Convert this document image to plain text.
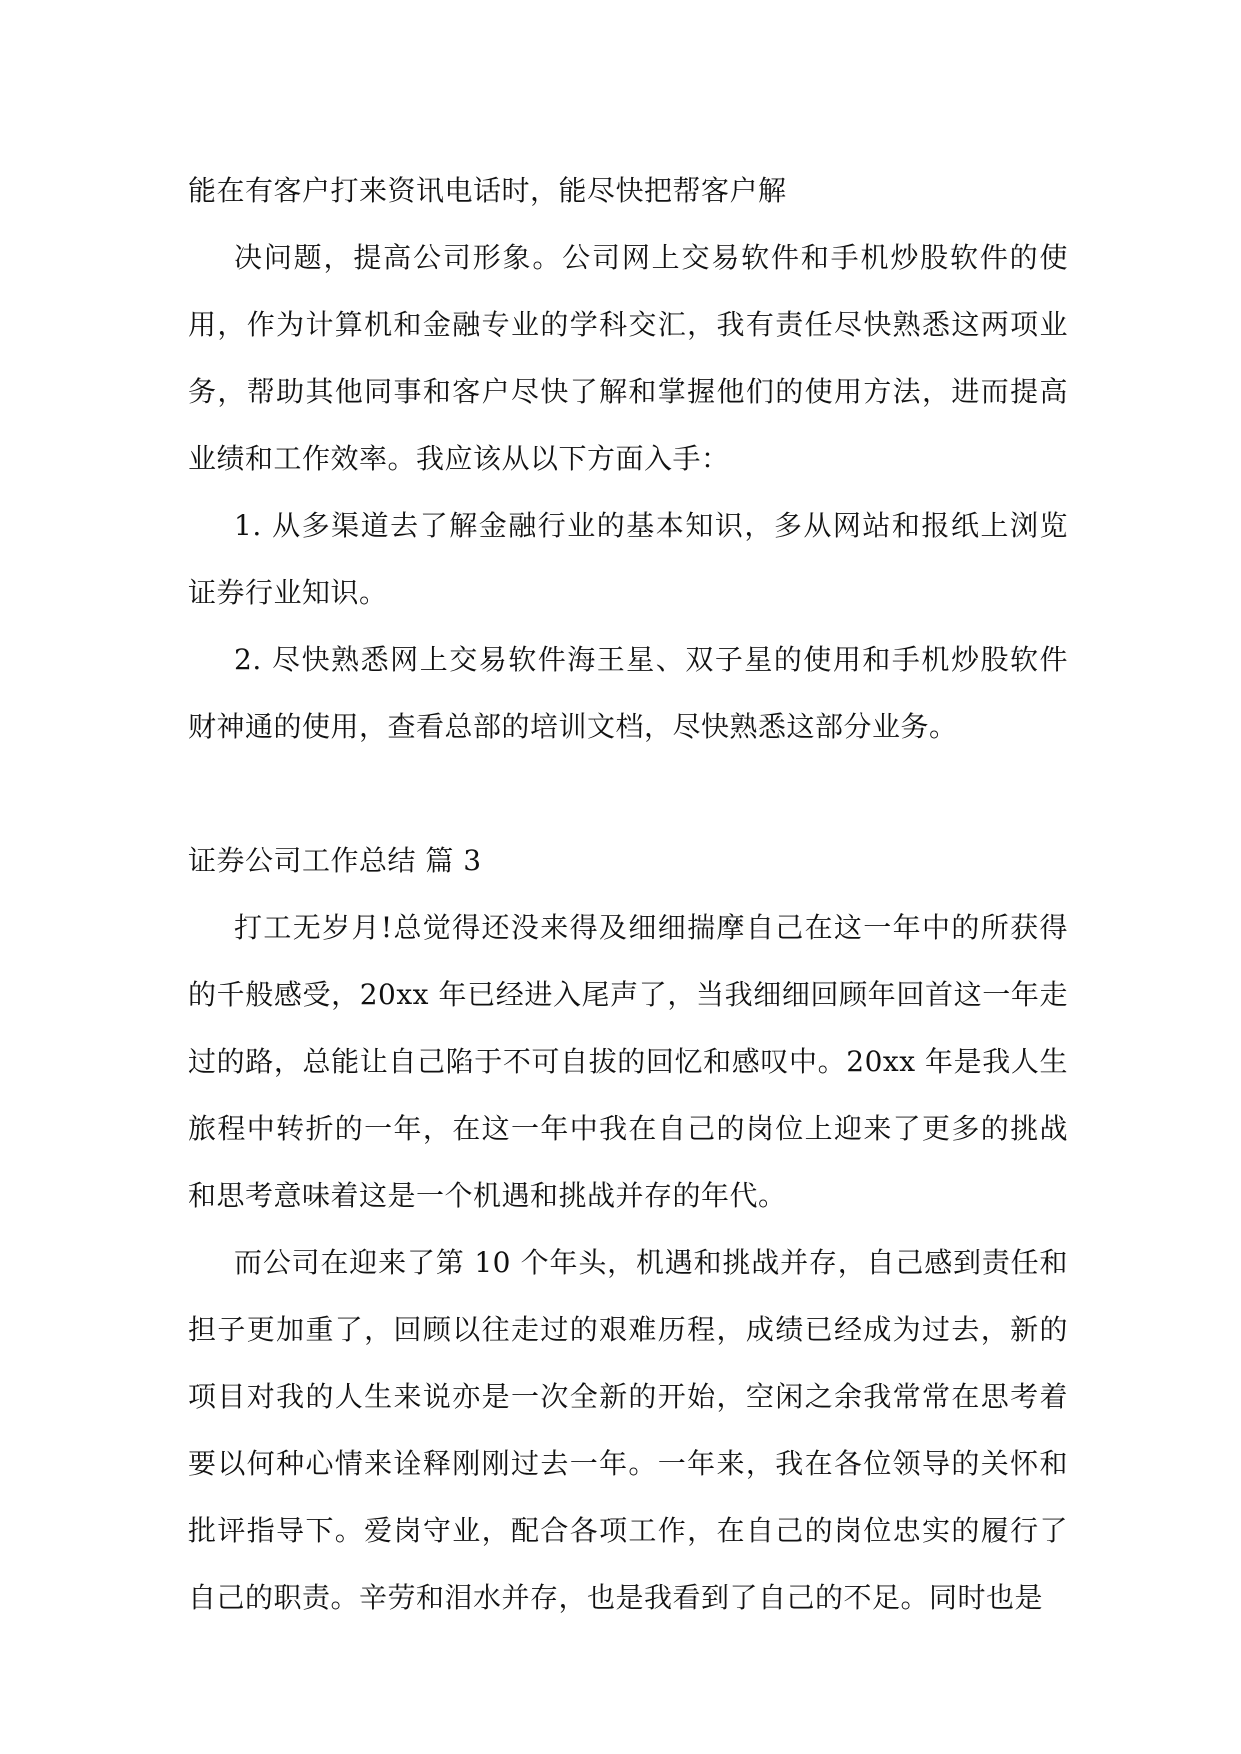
能在有客户打来资讯电话时，能尽快把帮客户解

决问题，提高公司形象。公司网上交易软件和手机炒股软件的使用，作为计算机和金融专业的学科交汇，我有责任尽快熟悉这两项业务，帮助其他同事和客户尽快了解和掌握他们的使用方法，进而提高业绩和工作效率。我应该从以下方面入手：

1. 从多渠道去了解金融行业的基本知识，多从网站和报纸上浏览证券行业知识。

2. 尽快熟悉网上交易软件海王星、双子星的使用和手机炒股软件财神通的使用，查看总部的培训文档，尽快熟悉这部分业务。

证券公司工作总结 篇 3

打工无岁月!总觉得还没来得及细细揣摩自己在这一年中的所获得的千般感受，20xx 年已经进入尾声了，当我细细回顾年回首这一年走过的路，总能让自己陷于不可自拔的回忆和感叹中。20xx 年是我人生旅程中转折的一年，在这一年中我在自己的岗位上迎来了更多的挑战和思考意味着这是一个机遇和挑战并存的年代。

而公司在迎来了第 10 个年头，机遇和挑战并存，自己感到责任和担子更加重了，回顾以往走过的艰难历程，成绩已经成为过去，新的项目对我的人生来说亦是一次全新的开始，空闲之余我常常在思考着要以何种心情来诠释刚刚过去一年。一年来，我在各位领导的关怀和批评指导下。爱岗守业，配合各项工作，在自己的岗位忠实的履行了自己的职责。辛劳和泪水并存，也是我看到了自己的不足。同时也是
